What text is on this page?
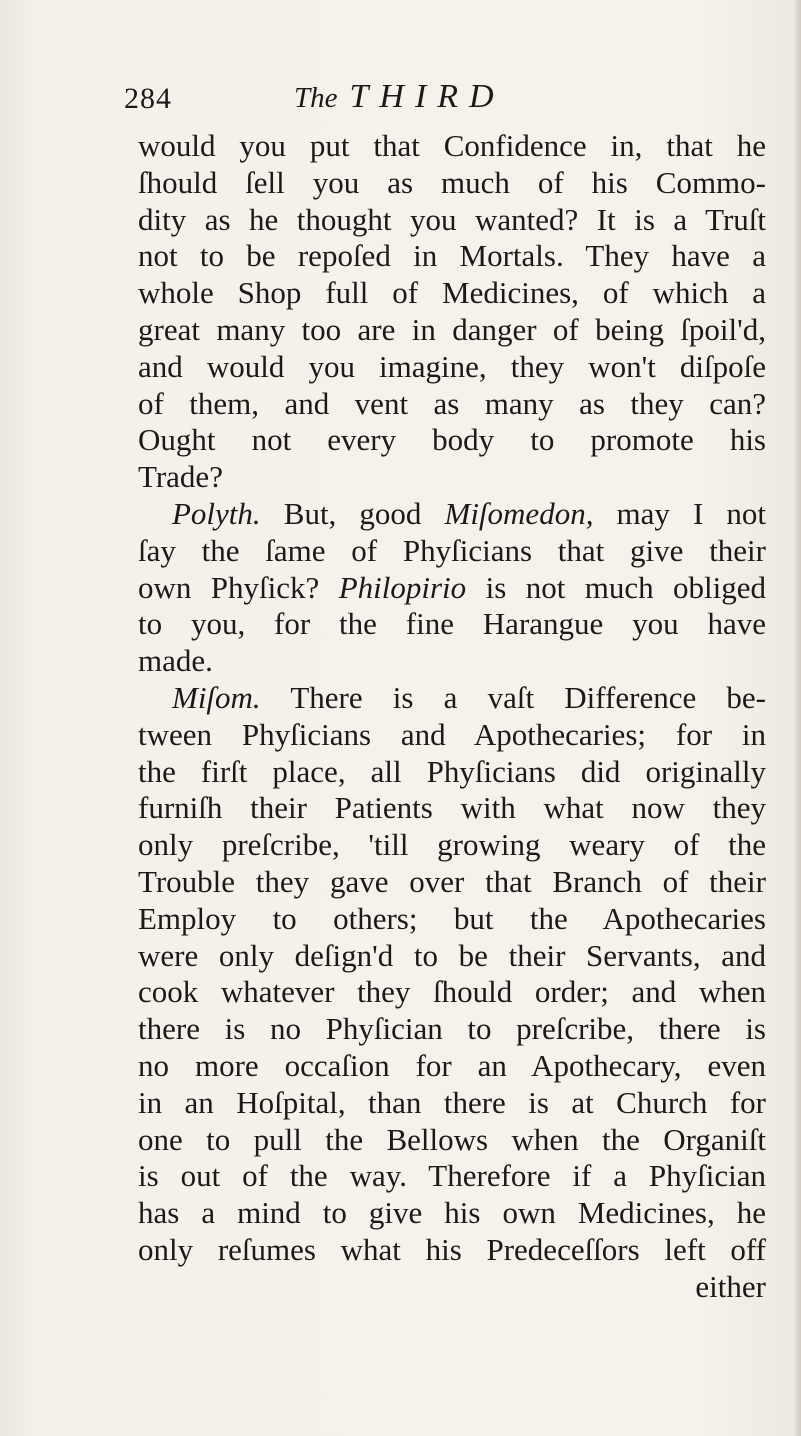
284	The THIRD
would you put that Confidence in, that he
ſhould ſell you as much of his Commo-
dity as he thought you wanted? It is a Truſt
not to be repoſed in Mortals. They have a
whole Shop full of Medicines, of which a
great many too are in danger of being ſpoil'd,
and would you imagine, they won't diſpoſe
of them, and vent as many as they can?
Ought not every body to promote his
Trade?
Polyth. But, good Miſomedon, may I not
ſay the ſame of Phyſicians that give their
own Phyſick? Philopirio is not much obliged
to you, for the fine Harangue you have
made.
Miſom. There is a vaſt Difference be-
tween Phyſicians and Apothecaries; for in
the firſt place, all Phyſicians did originally
furniſh their Patients with what now they
only preſcribe, 'till growing weary of the
Trouble they gave over that Branch of their
Employ to others; but the Apothecaries
were only deſign'd to be their Servants, and
cook whatever they ſhould order; and when
there is no Phyſician to preſcribe, there is
no more occaſion for an Apothecary, even
in an Hoſpital, than there is at Church for
one to pull the Bellows when the Organiſt
is out of the way. Therefore if a Phyſician
has a mind to give his own Medicines, he
only reſumes what his Predeceſſors left off
either
